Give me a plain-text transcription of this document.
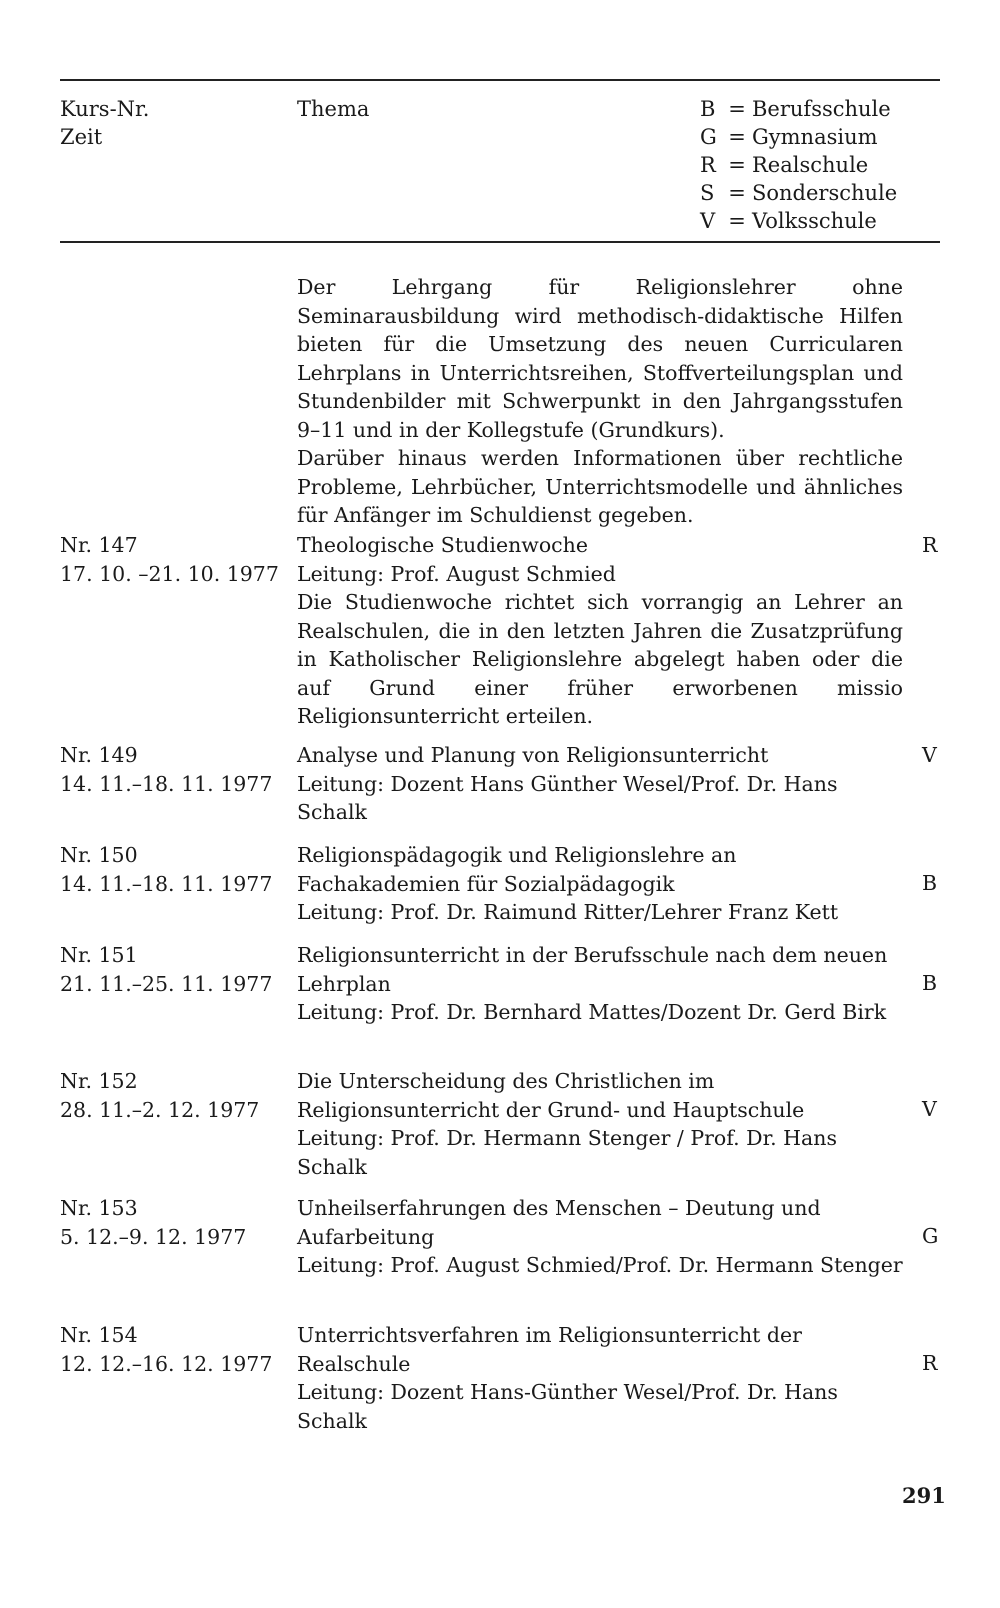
Kurs-Nr.
Zeit
Thema	B = Berufsschule
G = Gymnasium
R = Realschule
S = Sonderschule
V = Volksschule

Der Lehrgang für Religionslehrer ohne Seminarausbildung wird methodisch-didaktische Hilfen bieten für die Umsetzung des neuen Curricularen Lehrplans in Unterrichtsreihen, Stoffverteilungsplan und Stundenbilder mit Schwerpunkt in den Jahrgangsstufen 9–11 und in der Kollegstufe (Grundkurs).

Darüber hinaus werden Informationen über rechtliche Probleme, Lehrbücher, Unterrichtsmodelle und ähnliches für Anfänger im Schuldienst gegeben.

Nr. 147
17. 10. –21. 10. 1977

Theologische Studienwoche

Leitung: Prof. August Schmied

Die Studienwoche richtet sich vorrangig an Lehrer an Realschulen, die in den letzten Jahren die Zusatzprüfung in Katholischer Religionslehre abgelegt haben oder die auf Grund einer früher erworbenen missio Religionsunterricht erteilen.

R
Nr. 149
14. 11.–18. 11. 1977

Analyse und Planung von Religionsunterricht

Leitung: Dozent Hans Günther Wesel/Prof. Dr. Hans Schalk

V
Nr. 150
14. 11.–18. 11. 1977

Religionspädagogik und Religionslehre an Fachakademien für Sozialpädagogik

Leitung: Prof. Dr. Raimund Ritter/Lehrer Franz Kett

B
Nr. 151
21. 11.–25. 11. 1977

Religionsunterricht in der Berufsschule nach dem neuen Lehrplan

Leitung: Prof. Dr. Bernhard Mattes/Dozent Dr. Gerd Birk

B
Nr. 152
28. 11.–2. 12. 1977

Die Unterscheidung des Christlichen im Religionsunterricht der Grund- und Hauptschule

Leitung: Prof. Dr. Hermann Stenger / Prof. Dr. Hans Schalk

V
Nr. 153
5. 12.–9. 12. 1977

Unheilserfahrungen des Menschen – Deutung und Aufarbeitung

Leitung: Prof. August Schmied/Prof. Dr. Hermann Stenger

G
Nr. 154
12. 12.–16. 12. 1977

Unterrichtsverfahren im Religionsunterricht der Realschule

Leitung: Dozent Hans-Günther Wesel/Prof. Dr. Hans Schalk

R
291
